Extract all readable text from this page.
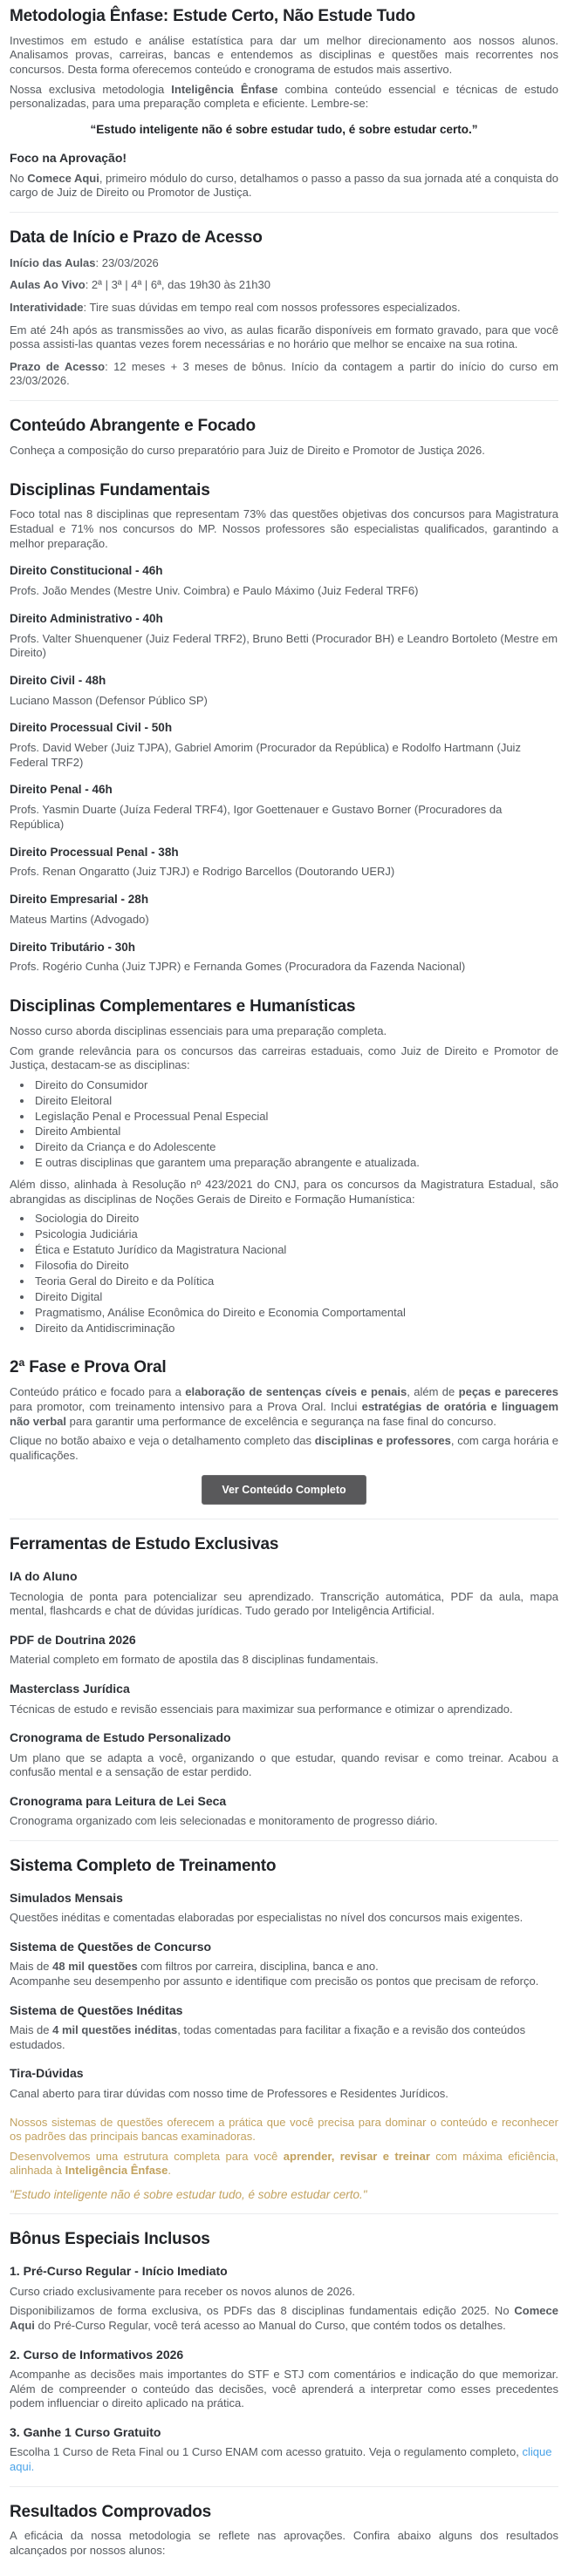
Metodologia Ênfase: Estude Certo, Não Estude Tudo

Investimos em estudo e análise estatística para dar um melhor direcionamento aos nossos alunos. Analisamos provas, carreiras, bancas e entendemos as disciplinas e questões mais recorrentes nos concursos. Desta forma oferecemos conteúdo e cronograma de estudos mais assertivo.

Nossa exclusiva metodologia Inteligência Ênfase combina conteúdo essencial e técnicas de estudo personalizadas, para uma preparação completa e eficiente. Lembre-se:

“Estudo inteligente não é sobre estudar tudo, é sobre estudar certo.”

Foco na Aprovação!

No Comece Aqui, primeiro módulo do curso, detalhamos o passo a passo da sua jornada até a conquista do cargo de Juiz de Direito ou Promotor de Justiça.

Data de Início e Prazo de Acesso

Início das Aulas: 23/03/2026

Aulas Ao Vivo: 2ª | 3ª | 4ª | 6ª, das 19h30 às 21h30

Interatividade: Tire suas dúvidas em tempo real com nossos professores especializados.

Em até 24h após as transmissões ao vivo, as aulas ficarão disponíveis em formato gravado, para que você possa assisti-las quantas vezes forem necessárias e no horário que melhor se encaixe na sua rotina.

Prazo de Acesso: 12 meses + 3 meses de bônus. Início da contagem a partir do início do curso em 23/03/2026.

Conteúdo Abrangente e Focado

Conheça a composição do curso preparatório para Juiz de Direito e Promotor de Justiça 2026.

Disciplinas Fundamentais

Foco total nas 8 disciplinas que representam 73% das questões objetivas dos concursos para Magistratura Estadual e 71% nos concursos do MP. Nossos professores são especialistas qualificados, garantindo a melhor preparação.

Direito Constitucional - 46h

Profs. João Mendes (Mestre Univ. Coimbra) e Paulo Máximo (Juiz Federal TRF6)

Direito Administrativo - 40h

Profs. Valter Shuenquener (Juiz Federal TRF2), Bruno Betti (Procurador BH) e Leandro Bortoleto (Mestre em Direito)

Direito Civil - 48h

Luciano Masson (Defensor Público SP)

Direito Processual Civil - 50h

Profs. David Weber (Juiz TJPA), Gabriel Amorim (Procurador da República) e Rodolfo Hartmann (Juiz Federal TRF2)

Direito Penal - 46h

Profs. Yasmin Duarte (Juíza Federal TRF4), Igor Goettenauer e Gustavo Borner (Procuradores da República)

Direito Processual Penal - 38h

Profs. Renan Ongaratto (Juiz TJRJ) e Rodrigo Barcellos (Doutorando UERJ)

Direito Empresarial - 28h

Mateus Martins (Advogado)

Direito Tributário - 30h

Profs. Rogério Cunha (Juiz TJPR) e Fernanda Gomes (Procuradora da Fazenda Nacional)

Disciplinas Complementares e Humanísticas

Nosso curso aborda disciplinas essenciais para uma preparação completa.

Com grande relevância para os concursos das carreiras estaduais, como Juiz de Direito e Promotor de Justiça, destacam-se as disciplinas:

• Direito do Consumidor
• Direito Eleitoral
• Legislação Penal e Processual Penal Especial
• Direito Ambiental
• Direito da Criança e do Adolescente
• E outras disciplinas que garantem uma preparação abrangente e atualizada.

Além disso, alinhada à Resolução nº 423/2021 do CNJ, para os concursos da Magistratura Estadual, são abrangidas as disciplinas de Noções Gerais de Direito e Formação Humanística:

• Sociologia do Direito
• Psicologia Judiciária
• Ética e Estatuto Jurídico da Magistratura Nacional
• Filosofia do Direito
• Teoria Geral do Direito e da Política
• Direito Digital
• Pragmatismo, Análise Econômica do Direito e Economia Comportamental
• Direito da Antidiscriminação
2ª Fase e Prova Oral

Conteúdo prático e focado para a elaboração de sentenças cíveis e penais, além de peças e pareceres para promotor, com treinamento intensivo para a Prova Oral. Inclui estratégias de oratória e linguagem não verbal para garantir uma performance de excelência e segurança na fase final do concurso.

Clique no botão abaixo e veja o detalhamento completo das disciplinas e professores, com carga horária e qualificações.

Ver Conteúdo Completo
Ferramentas de Estudo Exclusivas
IA do Aluno

Tecnologia de ponta para potencializar seu aprendizado. Transcrição automática, PDF da aula, mapa mental, flashcards e chat de dúvidas jurídicas. Tudo gerado por Inteligência Artificial.

PDF de Doutrina 2026

Material completo em formato de apostila das 8 disciplinas fundamentais.

Masterclass Jurídica

Técnicas de estudo e revisão essenciais para maximizar sua performance e otimizar o aprendizado.

Cronograma de Estudo Personalizado

Um plano que se adapta a você, organizando o que estudar, quando revisar e como treinar. Acabou a confusão mental e a sensação de estar perdido.

Cronograma para Leitura de Lei Seca

Cronograma organizado com leis selecionadas e monitoramento de progresso diário.

Sistema Completo de Treinamento
Simulados Mensais

Questões inéditas e comentadas elaboradas por especialistas no nível dos concursos mais exigentes.

Sistema de Questões de Concurso

Mais de 48 mil questões com filtros por carreira, disciplina, banca e ano.
Acompanhe seu desempenho por assunto e identifique com precisão os pontos que precisam de reforço.

Sistema de Questões Inéditas

Mais de 4 mil questões inéditas, todas comentadas para facilitar a fixação e a revisão dos conteúdos estudados.

Tira-Dúvidas

Canal aberto para tirar dúvidas com nosso time de Professores e Residentes Jurídicos.

Nossos sistemas de questões oferecem a prática que você precisa para dominar o conteúdo e reconhecer os padrões das principais bancas examinadoras.

Desenvolvemos uma estrutura completa para você aprender, revisar e treinar com máxima eficiência, alinhada à Inteligência Ênfase.

"Estudo inteligente não é sobre estudar tudo, é sobre estudar certo."

Bônus Especiais Inclusos
1. Pré-Curso Regular - Início Imediato

Curso criado exclusivamente para receber os novos alunos de 2026.

Disponibilizamos de forma exclusiva, os PDFs das 8 disciplinas fundamentais edição 2025. No Comece Aqui do Pré-Curso Regular, você terá acesso ao Manual do Curso, que contém todos os detalhes.

2. Curso de Informativos 2026

Acompanhe as decisões mais importantes do STF e STJ com comentários e indicação do que memorizar. Além de compreender o conteúdo das decisões, você aprenderá a interpretar como esses precedentes podem influenciar o direito aplicado na prática.

3. Ganhe 1 Curso Gratuito

Escolha 1 Curso de Reta Final ou 1 Curso ENAM com acesso gratuito. Veja o regulamento completo, clique aqui.

Resultados Comprovados

A eficácia da nossa metodologia se reflete nas aprovações. Confira abaixo alguns dos resultados alcançados por nossos alunos:
